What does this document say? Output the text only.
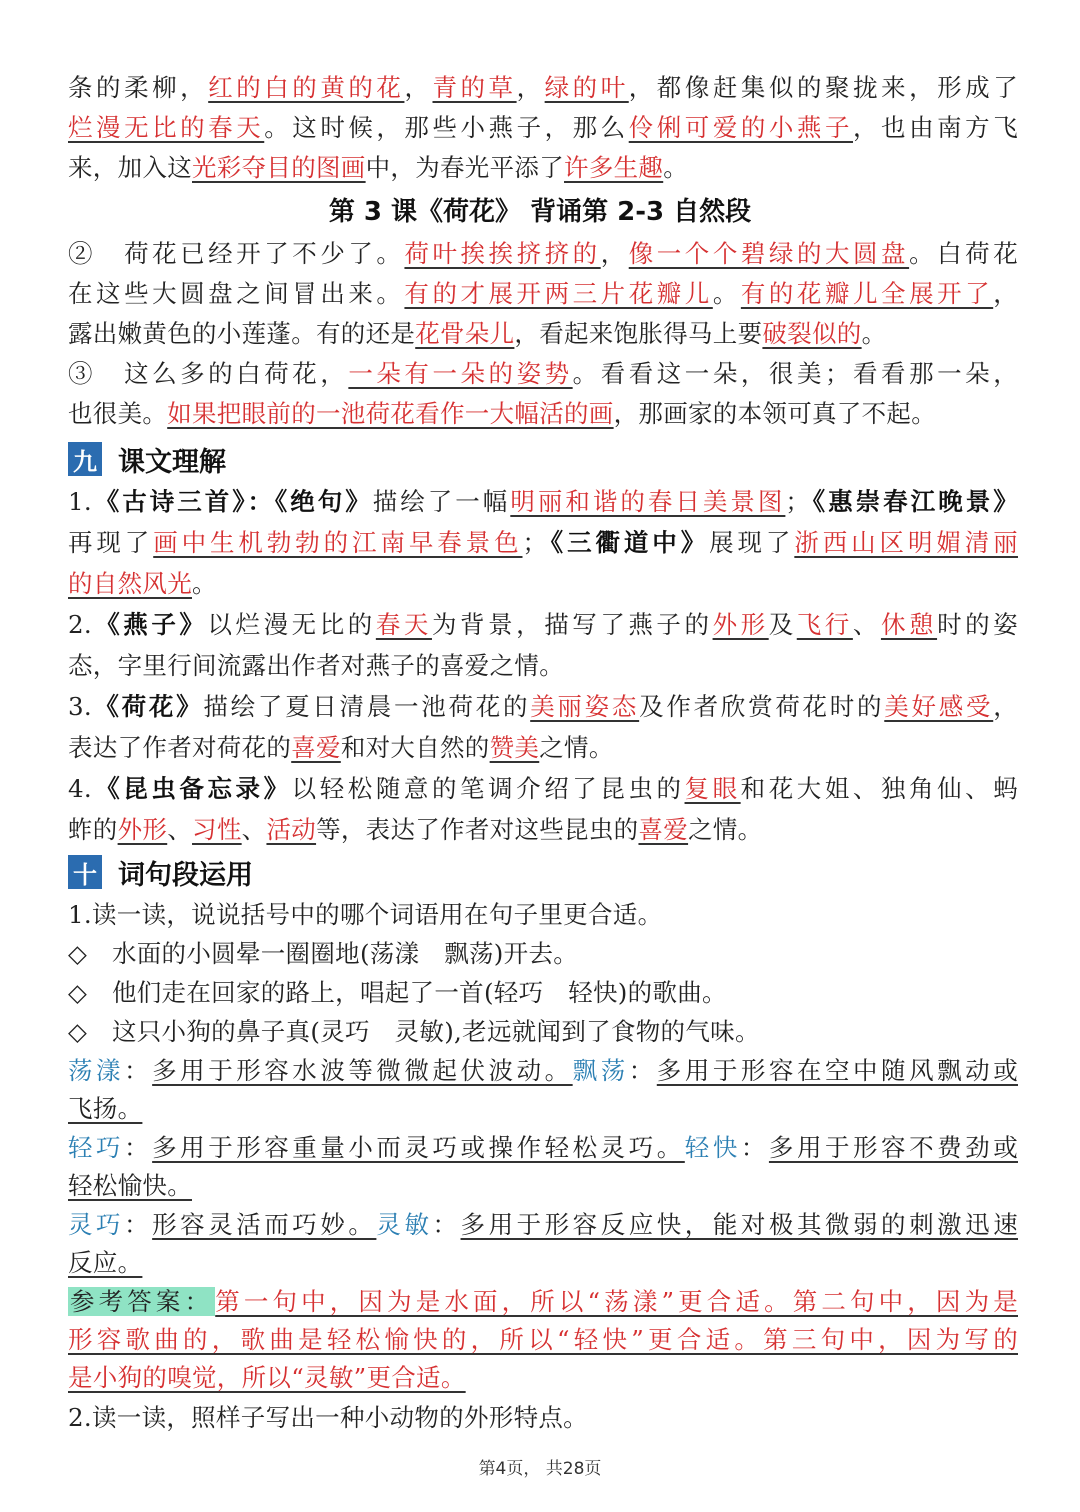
条的柔柳，红的白的黄的花，青的草，绿的叶，都像赶集似的聚拢来，形成了
烂漫无比的春天。这时候，那些小燕子，那么伶俐可爱的小燕子，也由南方飞
来，加入这光彩夺目的图画中，为春光平添了许多生趣。
第 3 课《荷花》 背诵第 2-3 自然段
②　荷花已经开了不少了。荷叶挨挨挤挤的，像一个个碧绿的大圆盘。白荷花
在这些大圆盘之间冒出来。有的才展开两三片花瓣儿。有的花瓣儿全展开了，
露出嫩黄色的小莲蓬。有的还是花骨朵儿，看起来饱胀得马上要破裂似的。
③　这么多的白荷花，一朵有一朵的姿势。看看这一朵，很美；看看那一朵，
也很美。如果把眼前的一池荷花看作一大幅活的画，那画家的本领可真了不起。
九 课文理解
1.《古诗三首》：《绝句》描绘了一幅明丽和谐的春日美景图；《惠崇春江晚景》
再现了画中生机勃勃的江南早春景色；《三衢道中》展现了浙西山区明媚清丽
的自然风光。
2.《燕子》以烂漫无比的春天为背景，描写了燕子的外形及飞行、休憩时的姿
态，字里行间流露出作者对燕子的喜爱之情。
3.《荷花》描绘了夏日清晨一池荷花的美丽姿态及作者欣赏荷花时的美好感受，
表达了作者对荷花的喜爱和对大自然的赞美之情。
4.《昆虫备忘录》以轻松随意的笔调介绍了昆虫的复眼和花大姐、独角仙、蚂
蚱的外形、习性、活动等，表达了作者对这些昆虫的喜爱之情。
十 词句段运用
1.读一读，说说括号中的哪个词语用在句子里更合适。
◇　水面的小圆晕一圈圈地(荡漾　飘荡)开去。
◇　他们走在回家的路上，唱起了一首(轻巧　轻快)的歌曲。
◇　这只小狗的鼻子真(灵巧　灵敏),老远就闻到了食物的气味。
荡漾：多用于形容水波等微微起伏波动。飘荡：多用于形容在空中随风飘动或
飞扬。
轻巧：多用于形容重量小而灵巧或操作轻松灵巧。轻快：多用于形容不费劲或
轻松愉快。
灵巧：形容灵活而巧妙。灵敏：多用于形容反应快，能对极其微弱的刺激迅速
反应。
参考答案：第一句中，因为是水面，所以“荡漾”更合适。第二句中，因为是
形容歌曲的，歌曲是轻松愉快的，所以“轻快”更合适。第三句中，因为写的
是小狗的嗅觉，所以“灵敏”更合适。
2.读一读，照样子写出一种小动物的外形特点。
第4页， 共28页
